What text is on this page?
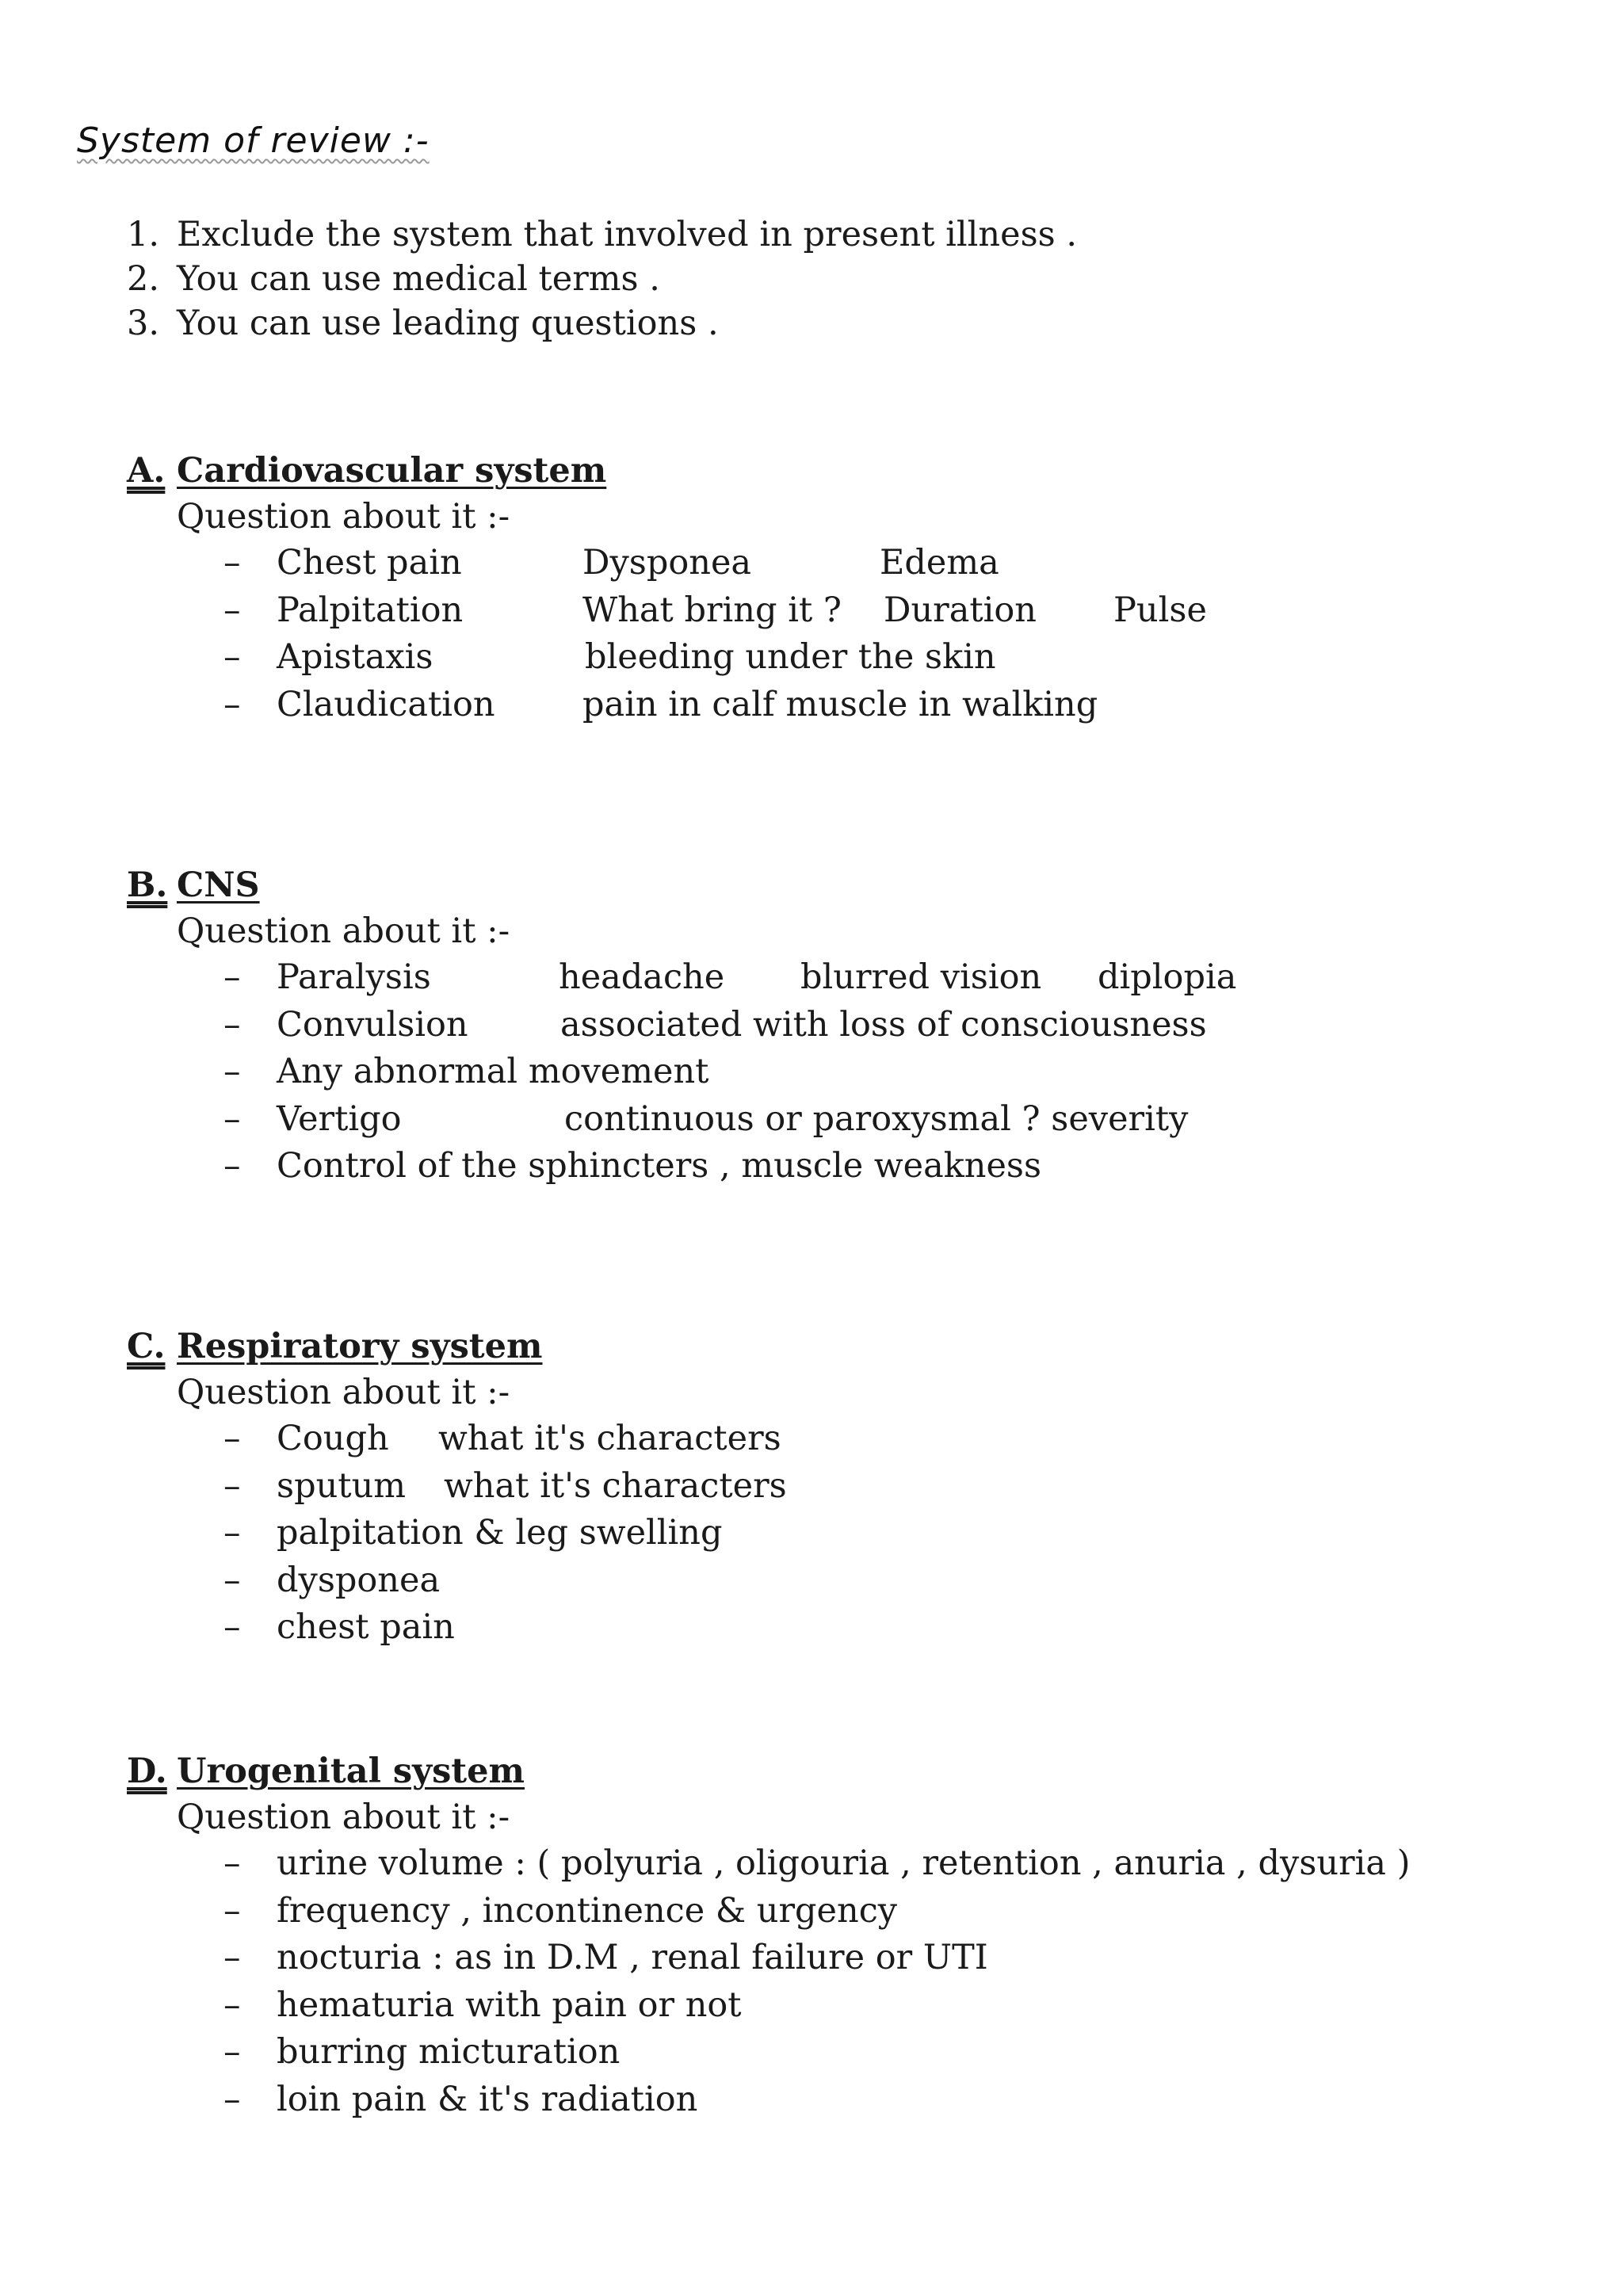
System of review :-
1. Exclude the system that involved in present illness .
2. You can use medical terms .
3. You can use leading questions .
A. Cardiovascular system
Question about it :-
– Chest pain	Dysponea	Edema
– Palpitation	What bring it ? Duration Pulse
– Apistaxis	bleeding under the skin
– Claudication	pain in calf muscle in walking
B. CNS
Question about it :-
– Paralysis	headache blurred vision diplopia
– Convulsion	associated with loss of consciousness
– Any abnormal movement
– Vertigo	continuous or paroxysmal ? severity
– Control of the sphincters , muscle weakness
C. Respiratory system
Question about it :-
– Cough what it's characters
– sputum what it's characters
– palpitation & leg swelling
– dysponea
– chest pain
D. Urogenital system
Question about it :-
– urine volume : ( polyuria , oligouria , retention , anuria , dysuria )
– frequency , incontinence & urgency
– nocturia : as in D.M , renal failure or UTI
– hematuria with pain or not
– burring micturation
– loin pain & it's radiation
